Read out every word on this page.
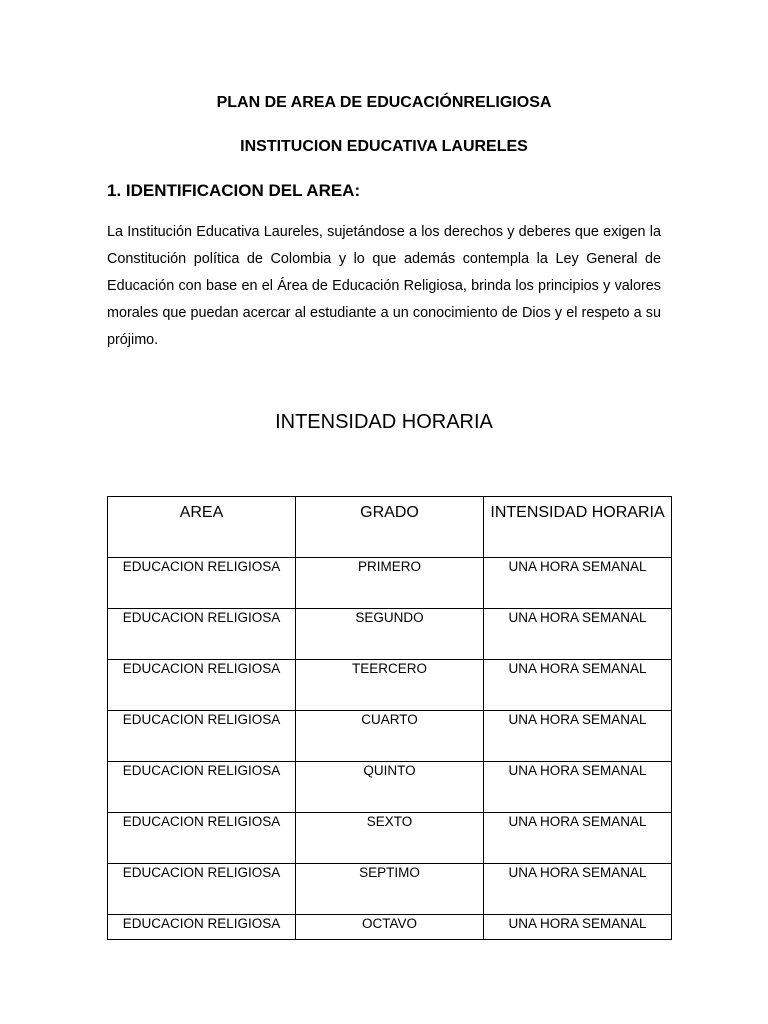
PLAN DE AREA DE EDUCACIÓNRELIGIOSA
INSTITUCION EDUCATIVA LAURELES
1. IDENTIFICACION DEL AREA:

La Institución Educativa Laureles, sujetándose a los derechos y deberes que exigen la Constitución política de Colombia y lo que además contempla la Ley General de Educación con base en el Área de Educación Religiosa, brinda los principios y valores morales que puedan acercar al estudiante a un conocimiento de Dios y el respeto a su prójimo.

INTENSIDAD HORARIA
AREA	GRADO	INTENSIDAD HORARIA
EDUCACION RELIGIOSA	PRIMERO	UNA HORA SEMANAL
EDUCACION RELIGIOSA	SEGUNDO	UNA HORA SEMANAL
EDUCACION RELIGIOSA	TEERCERO	UNA HORA SEMANAL
EDUCACION RELIGIOSA	CUARTO	UNA HORA SEMANAL
EDUCACION RELIGIOSA	QUINTO	UNA HORA SEMANAL
EDUCACION RELIGIOSA	SEXTO	UNA HORA SEMANAL
EDUCACION RELIGIOSA	SEPTIMO	UNA HORA SEMANAL
EDUCACION RELIGIOSA	OCTAVO	UNA HORA SEMANAL
